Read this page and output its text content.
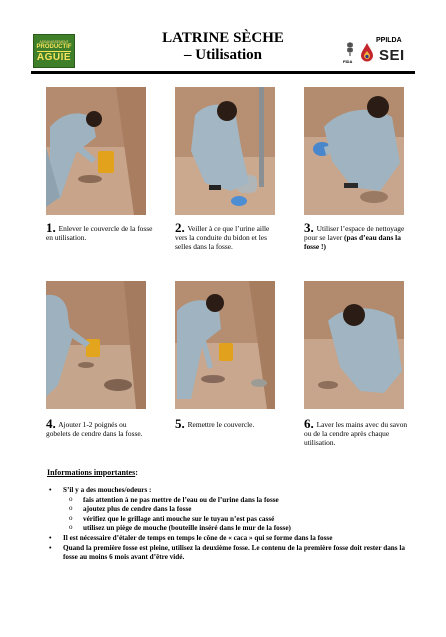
ASSAINISSEMENT
PRODUCTIF
AGUIE
LATRINE SÈCHE
– Utilisation	FIDA
PPILDA
SEI
1. Enlever le couvercle de la fosse en utilisation.
2. Veiller à ce que l’urine aille vers la conduite du bidon et les selles dans la fosse.
3. Utiliser l’espace de nettoyage pour se laver (pas d’eau dans la fosse !)
4. Ajouter 1-2 poignés ou gobelets de cendre dans la fosse.
5. Remettre le couvercle.	6. Laver les mains avec du savon ou de la cendre après chaque utilisation.
Informations importantes:
• S’il y a des mouches/odeurs :
o fais attention à ne pas mettre de l’eau ou de l’urine dans la fosse
o ajoutez plus de cendre dans la fosse
o vérifiez que le grillage anti mouche sur le tuyau n’est pas cassé
o utilisez un piège de mouche (bouteille inséré dans le mur de la fosse)
• Il est nécessaire d’étaler de temps en temps le cône de « caca » qui se forme dans la fosse
• Quand la première fosse est pleine, utilisez la deuxième fosse. Le contenu de la première fosse doit rester dans la fosse au moins 6 mois avant d’être vidé.
